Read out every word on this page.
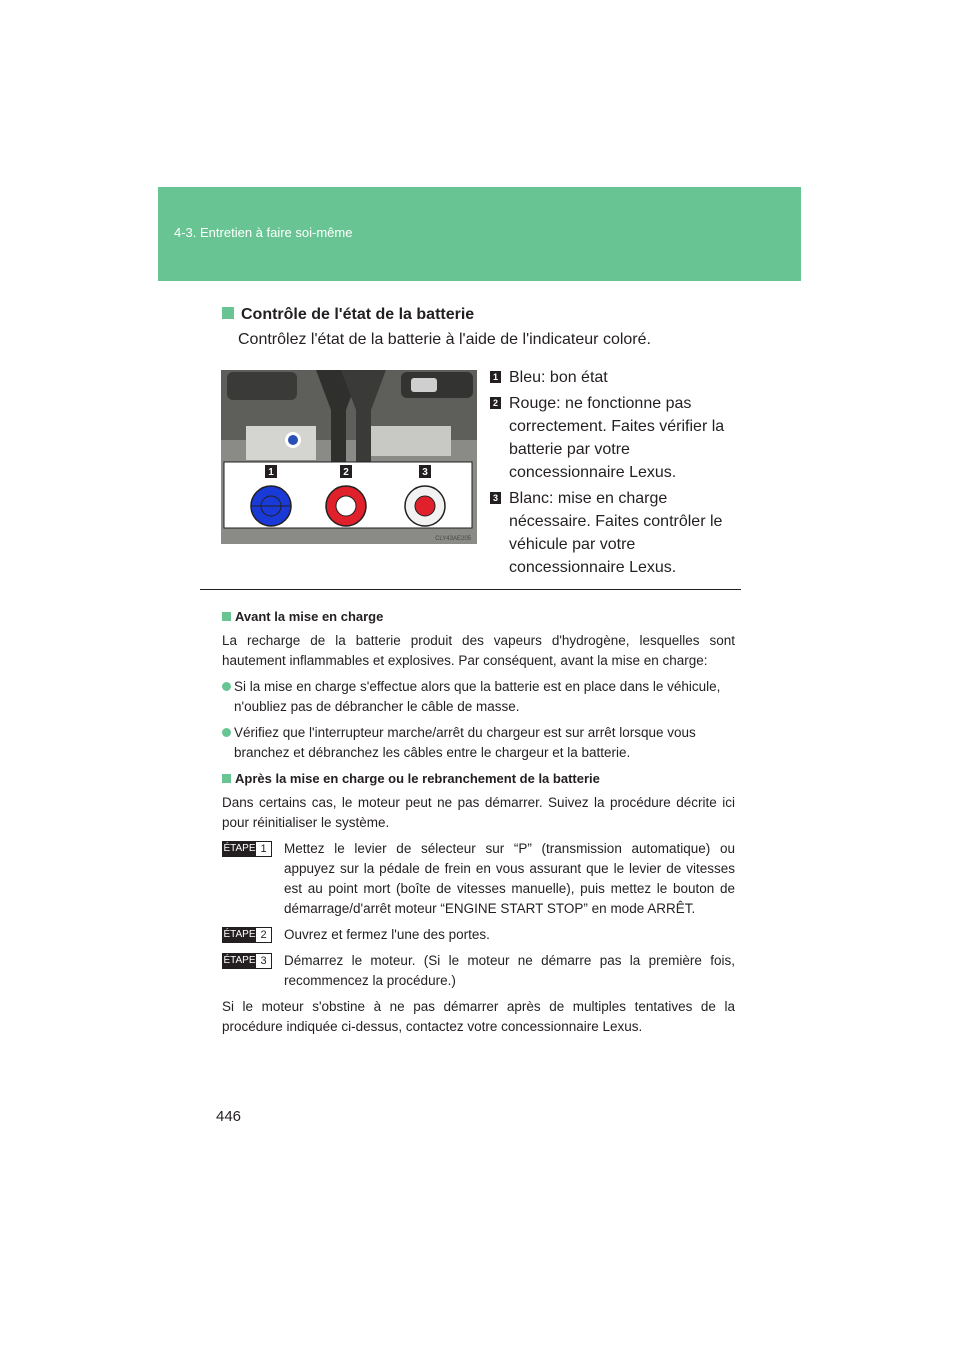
4-3. Entretien à faire soi-même
Contrôle de l'état de la batterie
Contrôlez l'état de la batterie à l'aide de l'indicateur coloré.
1	2	3
CLY43AE205
1 Bleu: bon état
2 Rouge: ne fonctionne pas correctement. Faites vérifier la batterie par votre concessionnaire Lexus.
3 Blanc: mise en charge nécessaire. Faites contrôler le véhicule par votre concessionnaire Lexus.
Avant la mise en charge
La recharge de la batterie produit des vapeurs d'hydrogène, lesquelles sont hautement inflammables et explosives. Par conséquent, avant la mise en charge:
Si la mise en charge s'effectue alors que la batterie est en place dans le véhicule, n'oubliez pas de débrancher le câble de masse.
Vérifiez que l'interrupteur marche/arrêt du chargeur est sur arrêt lorsque vous branchez et débranchez les câbles entre le chargeur et la batterie.
Après la mise en charge ou le rebranchement de la batterie
Dans certains cas, le moteur peut ne pas démarrer. Suivez la procédure décrite ici pour réinitialiser le système.
ÉTAPE 1	Mettez le levier de sélecteur sur “P” (transmission automatique) ou appuyez sur la pédale de frein en vous assurant que le levier de vitesses est au point mort (boîte de vitesses manuelle), puis mettez le bouton de démarrage/d'arrêt moteur “ENGINE START STOP” en mode ARRÊT.
ÉTAPE 2	Ouvrez et fermez l'une des portes.
ÉTAPE 3	Démarrez le moteur. (Si le moteur ne démarre pas la première fois, recommencez la procédure.)
Si le moteur s'obstine à ne pas démarrer après de multiples tentatives de la procédure indiquée ci-dessus, contactez votre concessionnaire Lexus.
446
